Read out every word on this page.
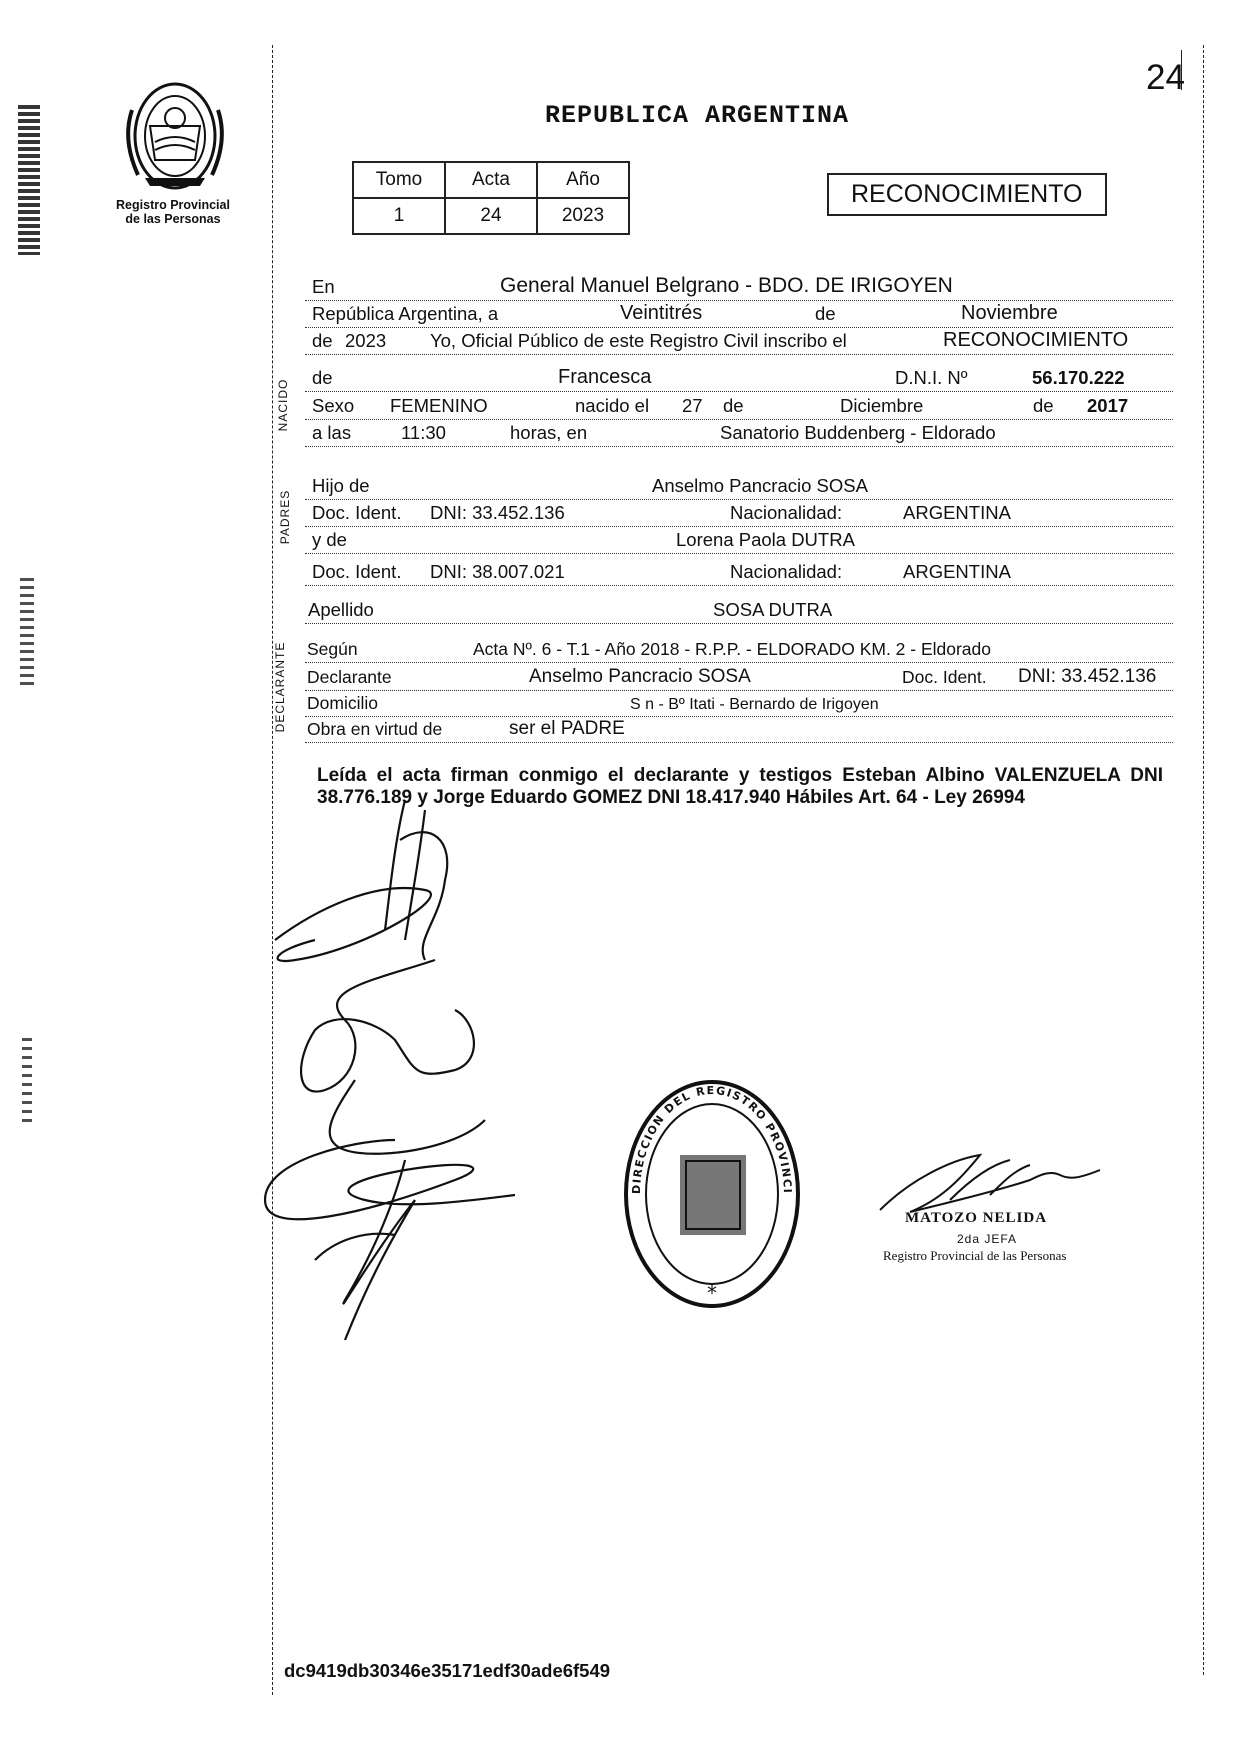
24
Registro Provincial
de las Personas
REPUBLICA ARGENTINA
Tomo	Acta	Año
1	24	2023
RECONOCIMIENTO
En	General Manuel Belgrano - BDO. DE IRIGOYEN
República Argentina, a	Veintitrés	de	Noviembre
de 2023 Yo, Oficial Público de este Registro Civil inscribo el	RECONOCIMIENTO
NACIDO
de	Francesca	D.N.I. Nº	56.170.222
Sexo FEMENINO	nacido el 27 de	Diciembre	de 2017
a las	11:30	horas, en	Sanatorio Buddenberg - Eldorado
PADRES
Hijo de	Anselmo Pancracio SOSA
Doc. Ident. DNI: 33.452.136	Nacionalidad:	ARGENTINA
y de	Lorena Paola DUTRA
Doc. Ident. DNI: 38.007.021	Nacionalidad:	ARGENTINA
Apellido	SOSA DUTRA
DECLARANTE Según	Acta Nº. 6 - T.1 - Año 2018 - R.P.P. - ELDORADO KM. 2 - Eldorado
Declarante	Anselmo Pancracio SOSA	Doc. Ident. DNI: 33.452.136
Domicilio	S n - Bº Itati - Bernardo de Irigoyen
Obra en virtud de	ser el PADRE
Leída el acta firman conmigo el declarante y testigos Esteban Albino VALENZUELA DNI 38.776.189 y Jorge Eduardo GOMEZ DNI 18.417.940 Hábiles Art. 64 - Ley 26994
*
DIRECCION DEL REGISTRO PROVINCI
MATOZO NELIDA
2da JEFA
Registro Provincial de las Personas
dc9419db30346e35171edf30ade6f549
